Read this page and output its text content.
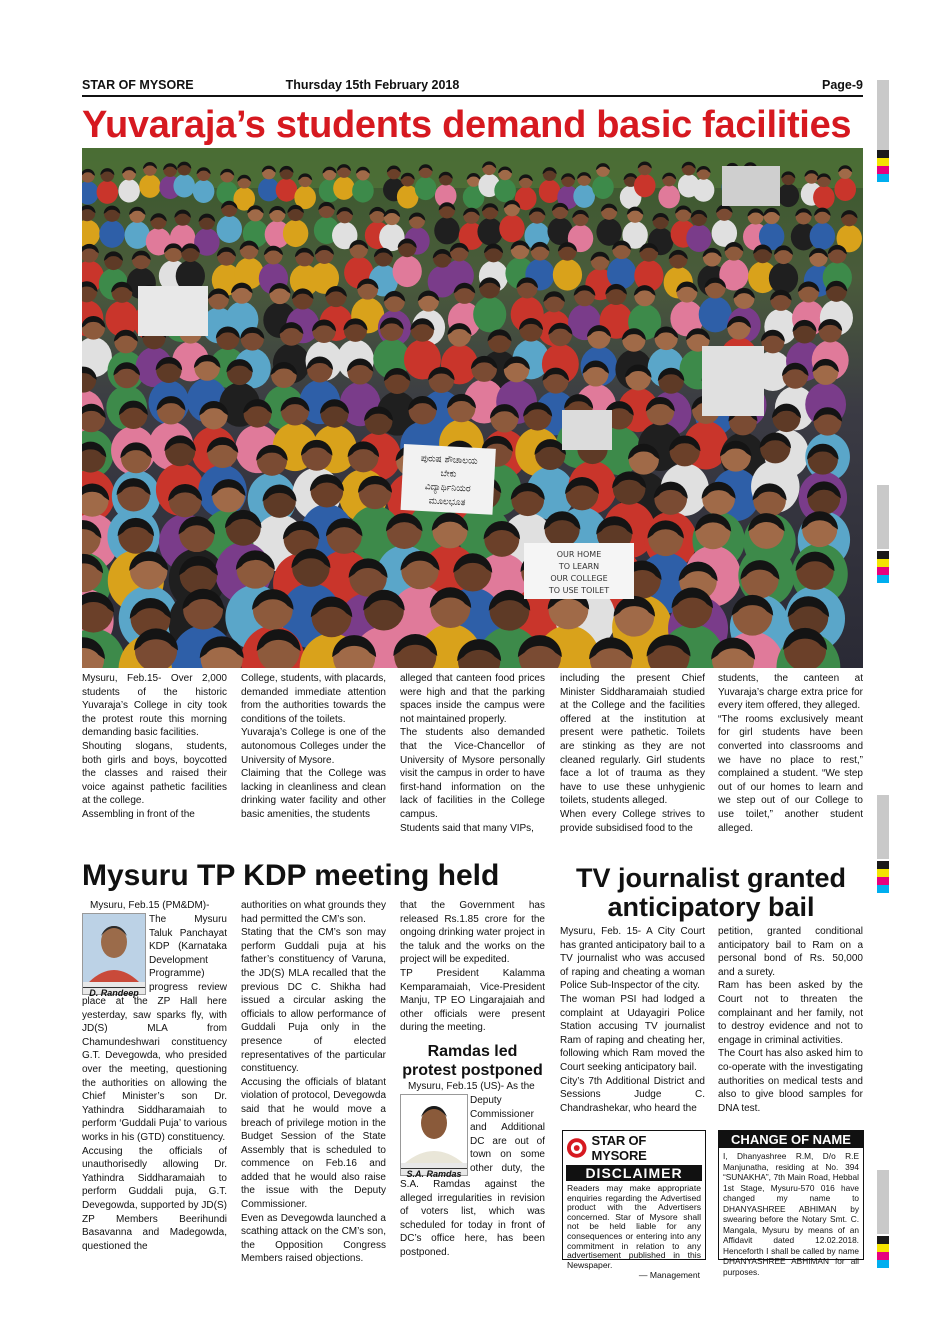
STAR OF MYSORE	Thursday 15th February 2018	Page-9
Yuvaraja’s students demand basic facilities
ಪುರುಷ ಶೌಚಾಲಯ
ಬೇಕು
ವಿದ್ಯಾರ್ಥಿನಿಯರ
ಮೂಲಭೂತ
OUR HOME
TO LEARN
OUR COLLEGE
TO USE TOILET
Mysuru, Feb.15- Over 2,000 students of the historic Yuvaraja’s College in city took the protest route this morning demanding basic facilities.
Shouting slogans, students, both girls and boys, boycotted the classes and raised their voice against pathetic facilities at the college.
Assembling in front of the
College, students, with placards, demanded immediate attention from the authorities towards the conditions of the toilets.
Yuvaraja’s College is one of the autonomous Colleges under the University of Mysore.
Claiming that the College was lacking in cleanliness and clean drinking water facility and other basic amenities, the students
alleged that canteen food prices were high and that the parking spaces inside the campus were not maintained properly.
The students also demanded that the Vice-Chancellor of University of Mysore personally visit the campus in order to have first-hand information on the lack of facilities in the College campus.
Students said that many VIPs,
including the present Chief Minister Siddharamaiah studied at the College and the facilities offered at the institution at present were pathetic. Toilets are stinking as they are not cleaned regularly. Girl students face a lot of trauma as they have to use these unhygienic toilets, students alleged.
When every College strives to provide subsidised food to the
students, the canteen at Yuvaraja’s charge extra price for every item offered, they alleged.
“The rooms exclusively meant for girl students have been converted into classrooms and we have no place to rest,” complained a student. “We step out of our homes to learn and we step out of our College to use toilet,” another student alleged.
Mysuru TP KDP meeting held
Mysuru, Feb.15 (PM&DM)-
D. Randeep
The Mysuru Taluk Panchayat KDP (Karnataka Development Programme) progress review
place at the ZP Hall here yesterday, saw sparks fly, with JD(S) MLA from Chamundeshwari constituency G.T. Devegowda, who presided over the meeting, questioning the authorities on allowing the Chief Minister’s son Dr. Yathindra Siddharamaiah to perform ‘Guddali Puja’ to various works in his (GTD) constituency.
Accusing the officials of unauthorisedly allowing Dr. Yathindra Siddharamaiah to perform Guddali puja, G.T. Devegowda, supported by JD(S) ZP Members Beerihundi Basavanna and Madegowda, questioned the
authorities on what grounds they had permitted the CM’s son.
Stating that the CM’s son may perform Guddali puja at his father’s constituency of Varuna, the JD(S) MLA recalled that the previous DC C. Shikha had issued a circular asking the officials to allow performance of Guddali Puja only in the presence of elected representatives of the particular constituency.
Accusing the officials of blatant violation of protocol, Devegowda said that he would move a breach of privilege motion in the Budget Session of the State Assembly that is scheduled to commence on Feb.16 and added that he would also raise the issue with the Deputy Commissioner.
Even as Devegowda launched a scathing attack on the CM’s son, the Opposition Congress Members raised objections.

that the Government has released Rs.1.85 crore for the ongoing drinking water project in the taluk and the works on the project will be expedited.
TP President Kalamma Kemparamaiah, Vice-President Manju, TP EO Lingarajaiah and other officials were present during the meeting.
Ramdas led protest postponed
Mysuru, Feb.15 (US)- As the
S.A. Ramdas
Deputy Commissioner and Additional DC are out of town on some other duty, the
S.A. Ramdas against the alleged irregularities in revision of voters list, which was scheduled for today in front of DC’s office here, has been postponed.
TV journalist granted anticipatory bail
Mysuru, Feb. 15- A City Court has granted anticipatory bail to a TV journalist who was accused of raping and cheating a woman Police Sub-Inspector of the city.
The woman PSI had lodged a complaint at Udayagiri Police Station accusing TV journalist Ram of raping and cheating her, following which Ram moved the Court seeking anticipatory bail.
City’s 7th Additional District and Sessions Judge C. Chandrashekar, who heard the
petition, granted conditional anticipatory bail to Ram on a personal bond of Rs. 50,000 and a surety.
Ram has been asked by the Court not to threaten the complainant and her family, not to destroy evidence and not to engage in criminal activities.
The Court has also asked him to co-operate with the investigating authorities on medical tests and also to give blood samples for DNA test.
STAR OF MYSORE
DISCLAIMER
Readers may make appropriate enquiries regarding the Advertised product with the Advertisers concerned. Star of Mysore shall not be held liable for any consequences or entering into any commitment in relation to any advertisement published in this Newspaper.
— Management
CHANGE OF NAME
I, Dhanyashree R.M, D/o R.E Manjunatha, residing at No. 394 “SUNAKHA”, 7th Main Road, Hebbal 1st Stage, Mysuru-570 016 have changed my name to DHANYASHREE ABHIMAN by swearing before the Notary Smt. C. Mangala, Mysuru by means of an Affidavit dated 12.02.2018. Henceforth I shall be called by name DHANYASHREE ABHIMAN for all purposes.
